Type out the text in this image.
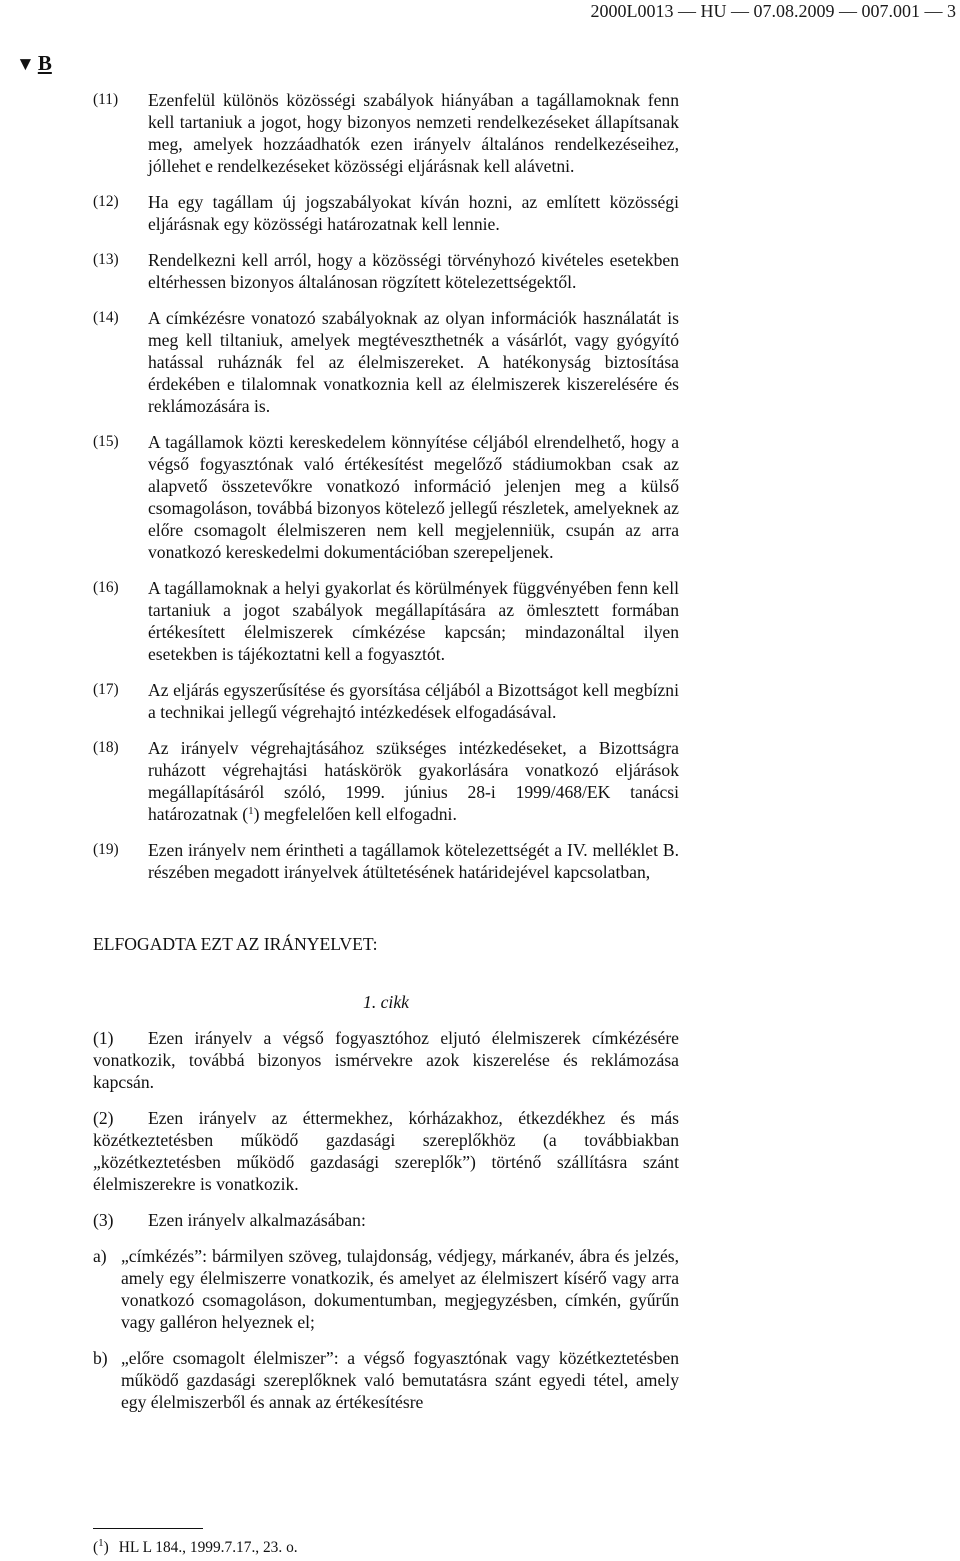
2000L0013 — HU — 07.08.2009 — 007.001 — 3
▼ B
(11)	Ezenfelül különös közösségi szabályok hiányában a tagállamoknak fenn kell tartaniuk a jogot, hogy bizonyos nemzeti rendelkezéseket állapítsanak meg, amelyek hozzáadhatók ezen irányelv általános rendelkezéseihez, jóllehet e rendelkezéseket közösségi eljárásnak kell alávetni.
(12)	Ha egy tagállam új jogszabályokat kíván hozni, az említett közösségi eljárásnak egy közösségi határozatnak kell lennie.
(13)	Rendelkezni kell arról, hogy a közösségi törvényhozó kivételes esetekben eltérhessen bizonyos általánosan rögzített kötelezettségektől.
(14)	A címkézésre vonatozó szabályoknak az olyan információk használatát is meg kell tiltaniuk, amelyek megtéveszthetnék a vásárlót, vagy gyógyító hatással ruháznák fel az élelmiszereket. A hatékonyság biztosítása érdekében e tilalomnak vonatkoznia kell az élelmiszerek kiszerelésére és reklámozására is.
(15)	A tagállamok közti kereskedelem könnyítése céljából elrendelhető, hogy a végső fogyasztónak való értékesítést megelőző stádiumokban csak az alapvető összetevőkre vonatkozó információ jelenjen meg a külső csomagoláson, továbbá bizonyos kötelező jellegű részletek, amelyeknek az előre csomagolt élelmiszeren nem kell megjelenniük, csupán az arra vonatkozó kereskedelmi dokumentációban szerepeljenek.
(16)	A tagállamoknak a helyi gyakorlat és körülmények függvényében fenn kell tartaniuk a jogot szabályok megállapítására az ömlesztett formában értékesített élelmiszerek címkézése kapcsán; mindazonáltal ilyen esetekben is tájékoztatni kell a fogyasztót.
(17)	Az eljárás egyszerűsítése és gyorsítása céljából a Bizottságot kell megbízni a technikai jellegű végrehajtó intézkedések elfogadásával.
(18)	Az irányelv végrehajtásához szükséges intézkedéseket, a Bizottságra ruházott végrehajtási hatáskörök gyakorlására vonatkozó eljárások megállapításáról szóló, 1999. június 28-i 1999/468/EK tanácsi határozatnak ($^1$) megfelelően kell elfogadni.
(19)	Ezen irányelv nem érintheti a tagállamok kötelezettségét a IV. melléklet B. részében megadott irányelvek átültetésének határidejével kapcsolatban,
ELFOGADTA EZT AZ IRÁNYELVET:
1. cikk
(1) Ezen irányelv a végső fogyasztóhoz eljutó élelmiszerek címkézésére vonatkozik, továbbá bizonyos ismérvekre azok kiszerelése és reklámozása kapcsán.
(2) Ezen irányelv az éttermekhez, kórházakhoz, étkezdékhez és más közétkeztetésben működő gazdasági szereplőkhöz (a továbbiakban „közétkeztetésben működő gazdasági szereplők”) történő szállításra szánt élelmiszerekre is vonatkozik.
(3) Ezen irányelv alkalmazásában:
a) „címkézés”: bármilyen szöveg, tulajdonság, védjegy, márkanév, ábra és jelzés, amely egy élelmiszerre vonatkozik, és amelyet az élelmiszert kísérő vagy arra vonatkozó csomagoláson, dokumentumban, megjegyzésben, címkén, gyűrűn vagy galléron helyeznek el;
b) „előre csomagolt élelmiszer”: a végső fogyasztónak vagy közétkeztetésben működő gazdasági szereplőknek való bemutatásra szánt egyedi tétel, amely egy élelmiszerből és annak az értékesítésre
($^1$) HL L 184., 1999.7.17., 23. o.
